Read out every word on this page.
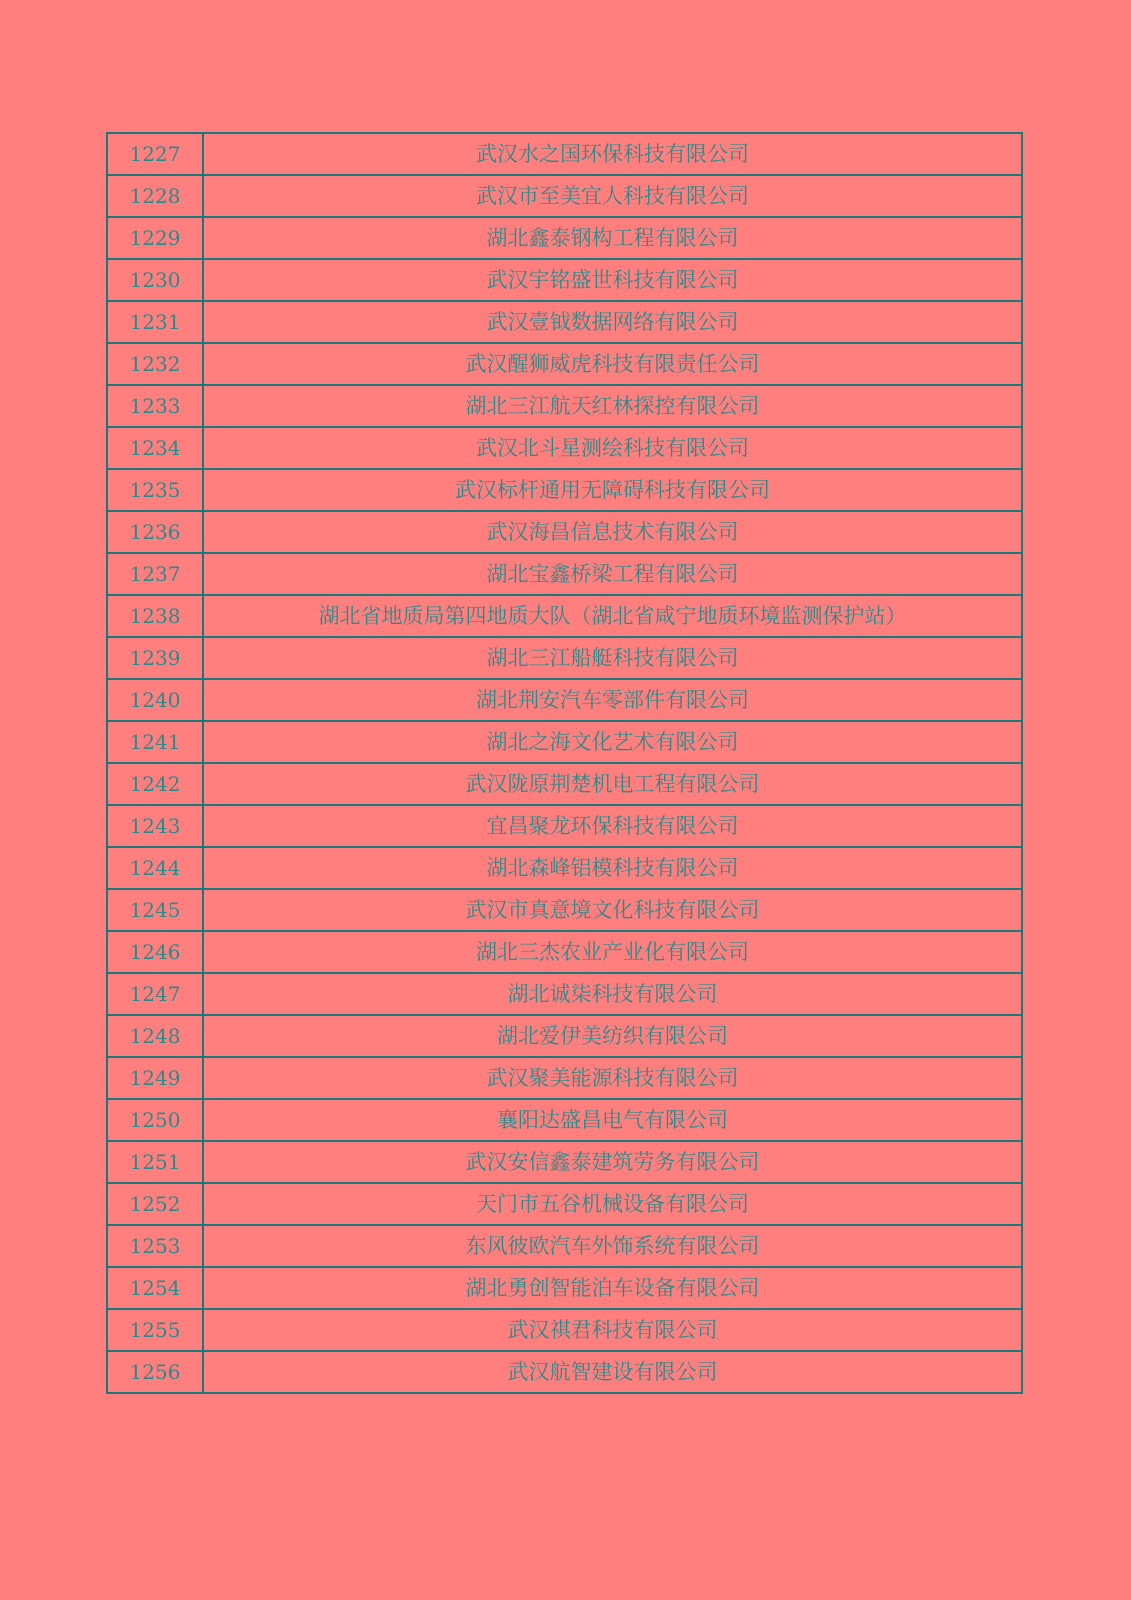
1227	武汉水之国环保科技有限公司
1228	武汉市至美宜人科技有限公司
1229	湖北鑫泰钢构工程有限公司
1230	武汉宇铭盛世科技有限公司
1231	武汉壹钺数据网络有限公司
1232	武汉醒狮威虎科技有限责任公司
1233	湖北三江航天红林探控有限公司
1234	武汉北斗星测绘科技有限公司
1235	武汉标杆通用无障碍科技有限公司
1236	武汉海昌信息技术有限公司
1237	湖北宝鑫桥梁工程有限公司
1238	湖北省地质局第四地质大队（湖北省咸宁地质环境监测保护站）
1239	湖北三江船艇科技有限公司
1240	湖北荆安汽车零部件有限公司
1241	湖北之海文化艺术有限公司
1242	武汉陇原荆楚机电工程有限公司
1243	宜昌聚龙环保科技有限公司
1244	湖北森峰铝模科技有限公司
1245	武汉市真意境文化科技有限公司
1246	湖北三杰农业产业化有限公司
1247	湖北诚柒科技有限公司
1248	湖北爱伊美纺织有限公司
1249	武汉聚美能源科技有限公司
1250	襄阳达盛昌电气有限公司
1251	武汉安信鑫泰建筑劳务有限公司
1252	天门市五谷机械设备有限公司
1253	东风彼欧汽车外饰系统有限公司
1254	湖北勇创智能泊车设备有限公司
1255	武汉祺君科技有限公司
1256	武汉航智建设有限公司
